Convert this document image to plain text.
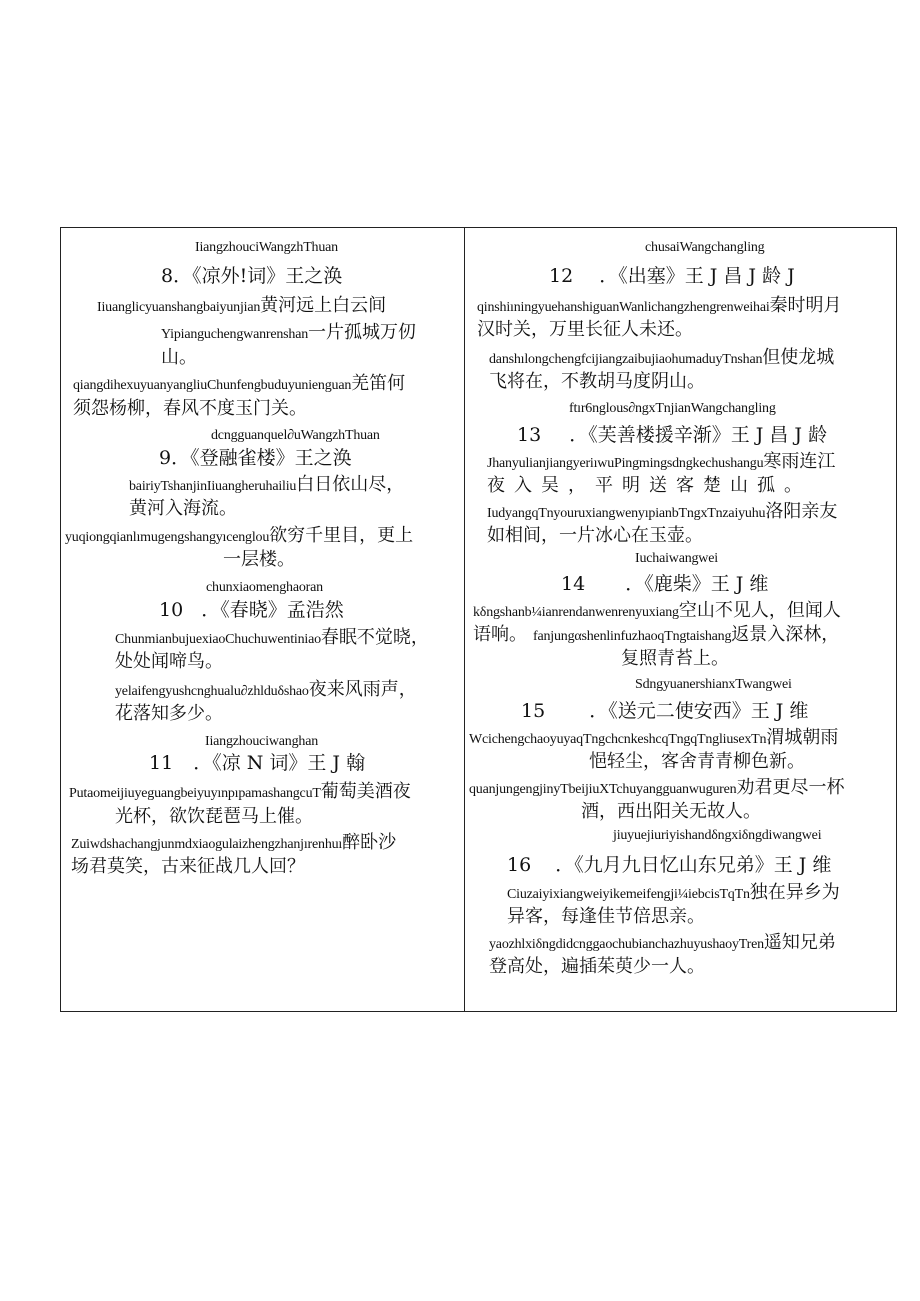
IiangzhouciWangzhThuan
8．《凉外!词》王之涣
Iiuanglicyuanshangbaiyunjian黄河远上白云间
Yipianguchengwanrenshan一片孤城万仞
山。
qiangdihexuyuanyangliuChunfengbuduyunienguan羌笛何
须怨杨柳，春风不度玉门关。
dcngguanquel∂uWangzhThuan
9．《登融雀楼》王之涣
bairiyTshanjinIiuangheruhailiu白日依山尽，
黄河入海流。
yuqiongqianlımugengshangyıcenglou欲穷千里目，更上
一层楼。
chunxiaomenghaoran
10 ．《春晓》孟浩然
ChunmianbujuexiaoChuchuwentiniao春眠不觉晓，
处处闻啼鸟。
yelaifengyushcnghualu∂zhlduδshao夜来风雨声，
花落知多少。
Iiangzhouciwanghan
11 ．《凉 N 词》王 J 翰
PutaomeijiuyeguangbeiyuyınpıpamashangcuT葡萄美酒夜
光杯，欲饮琵琶马上催。
Zuiwdshachangjunmdxiaogulaizhengzhanjırenhuı醉卧沙
场君莫笑，古来征战几人回？
chusaiWangchangling
12 ．《出塞》王 J 昌 J 龄 J
qinshiıningyuehanshiguanWanlichangzhengrenweihai秦时明月
汉时关，万里长征人未还。
danshılongchengfcijiangzaibujiaohumaduyTnshan但使龙城
飞将在，不教胡马度阴山。
ftır6nglous∂ngxTnjianWangchangling
13 ．《芙善楼援辛渐》王 J 昌 J 龄
JhanyulianjiangyeriıwuPingmingsdngkechushangu寒雨连江
夜入吴，平明送客楚山孤。
IudyangqTnyouruxiangwenyıpianbTngxTnzaiyuhu洛阳亲友
如相间，一片冰心在玉壶。
Iuchaiwangwei
14 ．《鹿柴》王 J 维
kδngshanb¼ianrendanwenrenyuxiang空山不见人，但闻人
语响。 fanjungαshenlinfuzhaoqTngtaishang返景入深林，
复照青苔上。
SdngyuanershianxTwangwei
15 ．《送元二使安西》王 J 维
WcichengchaoyuyaqTngchcnkeshcqTngqTngliusexTn渭城朝雨
悒轻尘，客舍青青柳色新。
quanjungengjinyTbeijiuXTchuyangguanwuguren劝君更尽一杯
酒，西出阳关无故人。
jiuyuejiuriyishandδngxiδngdiwangwei
16 ．《九月九日忆山东兄弟》王 J 维
Ciuzaiyixiangweiyikemeifengji¼iebcisTqTn独在异乡为
异客，每逢佳节倍思亲。
yaozhlxiδngdidcnggaochubianchazhuyushaoyTren遥知兄弟
登高处，遍插茱萸少一人。
